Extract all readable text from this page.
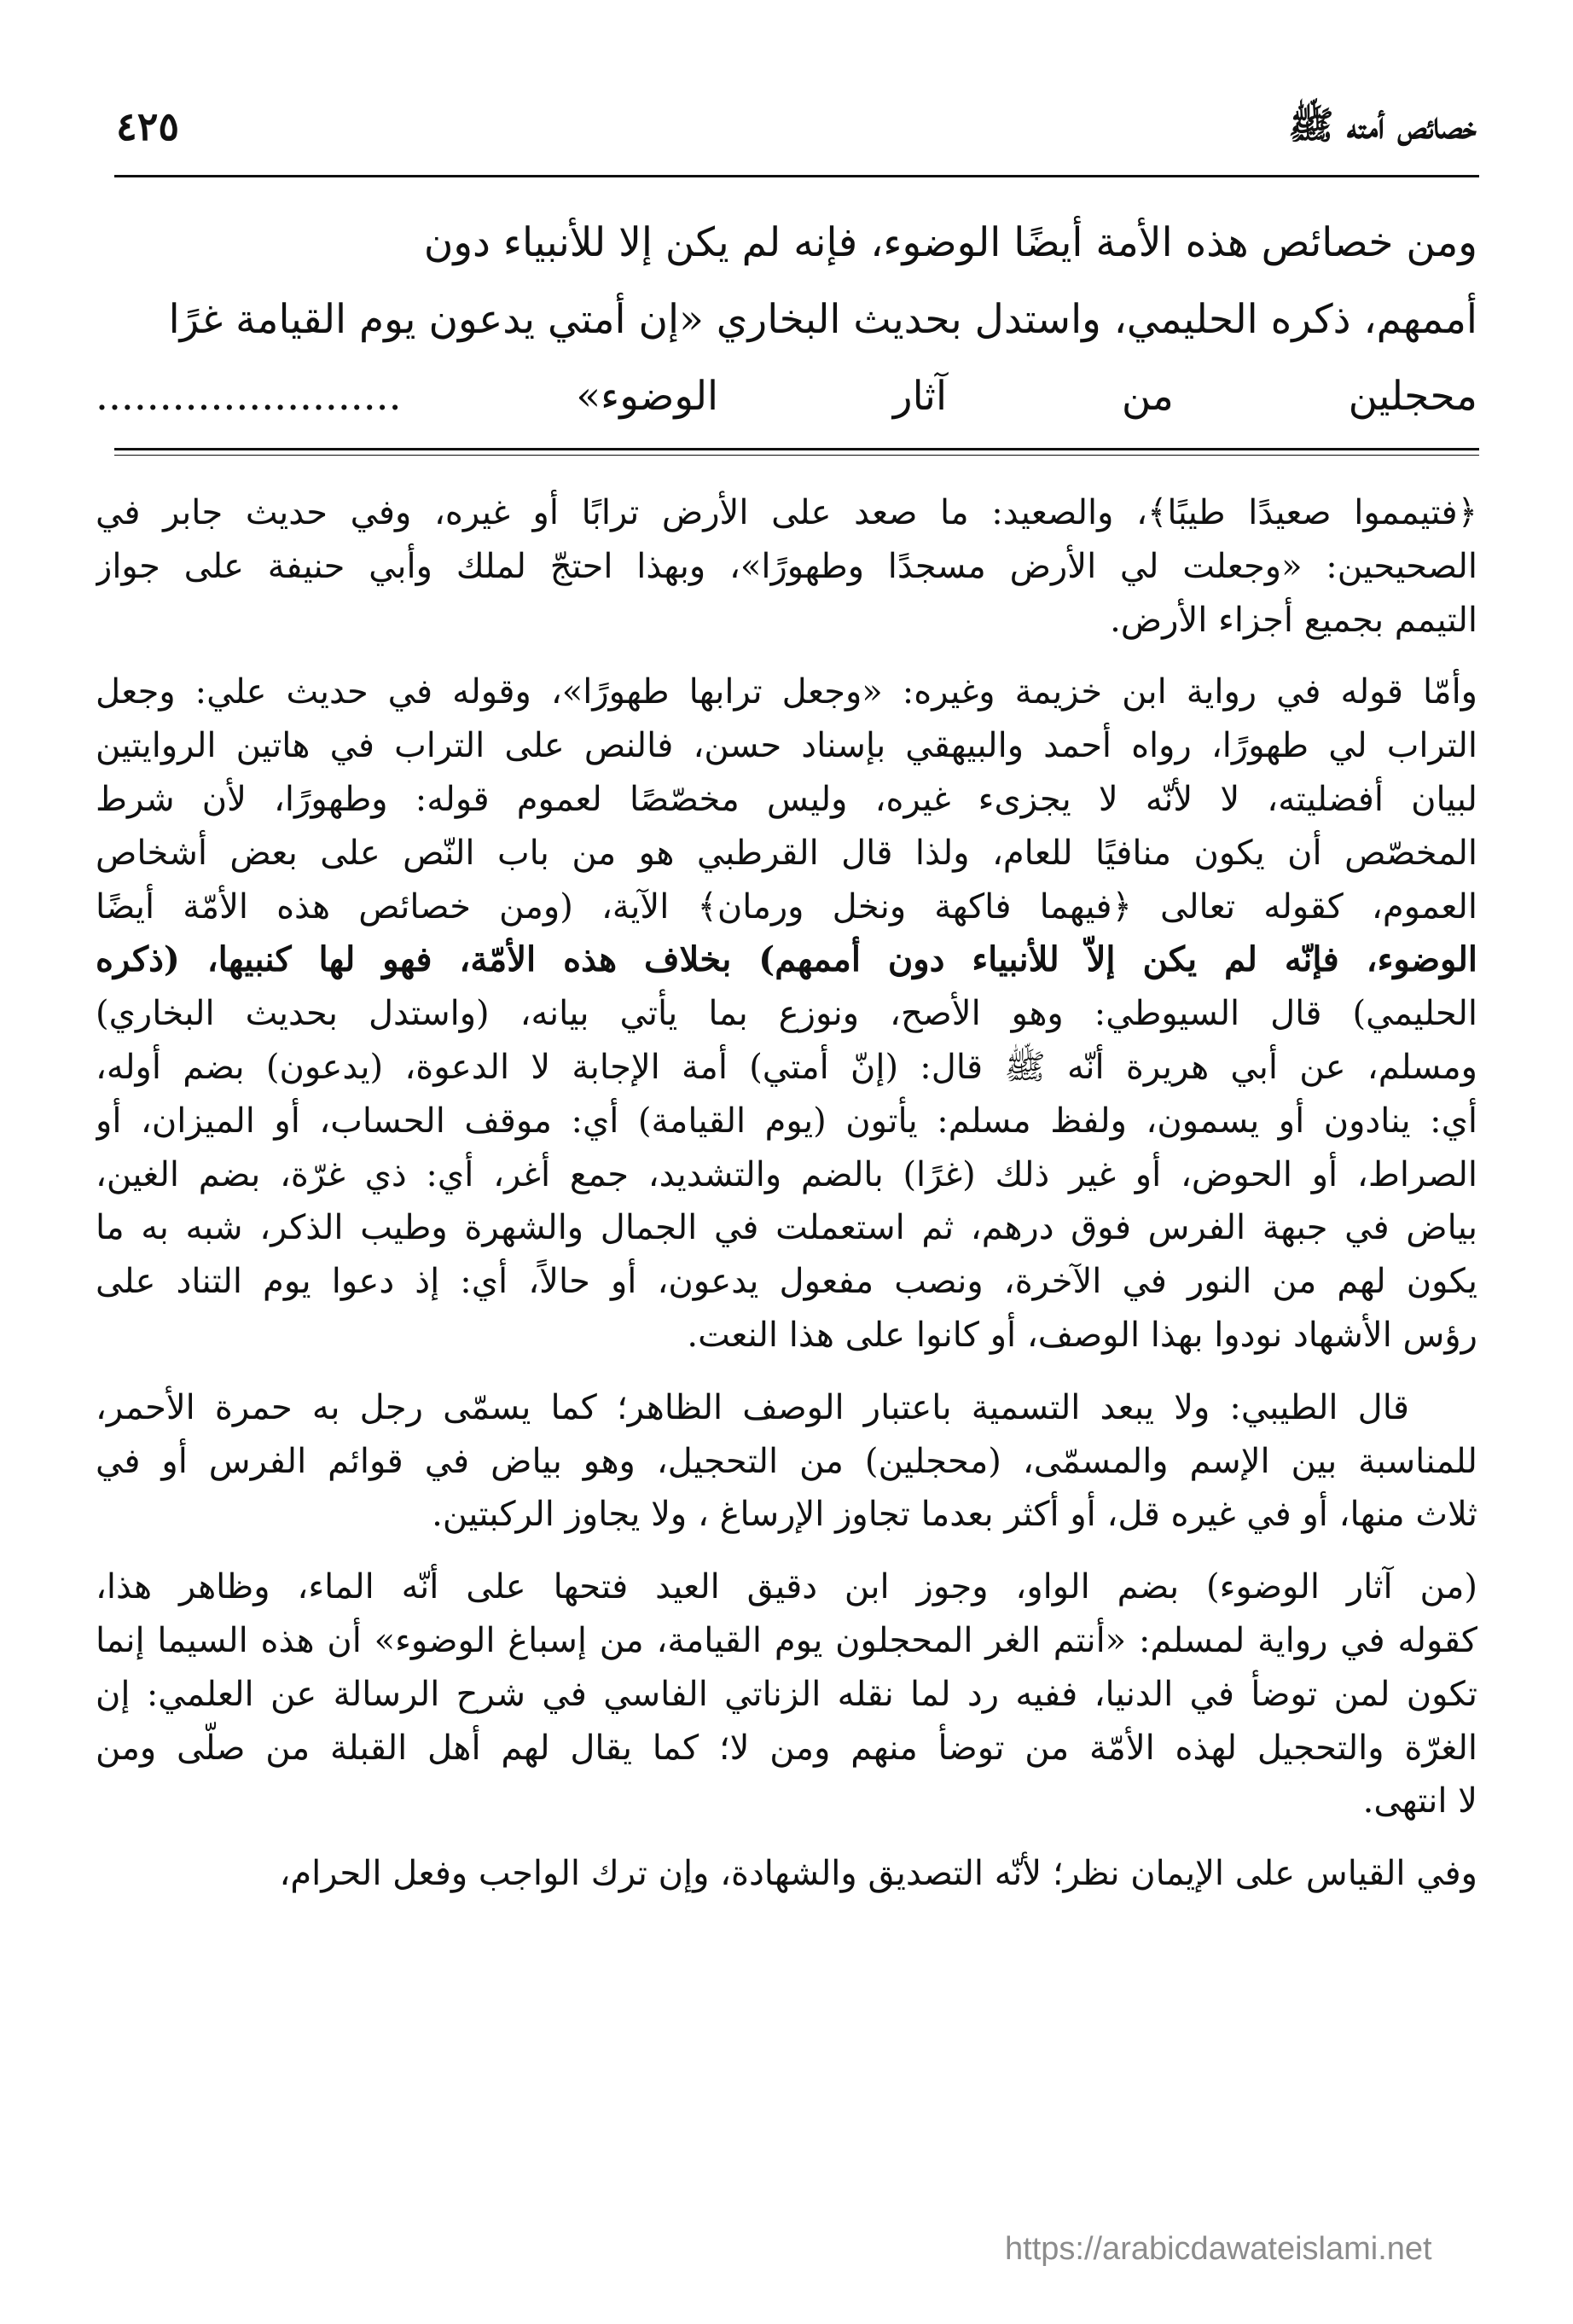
خصائص أمته ﷺ
٤٢٥
ومن خصائص هذه الأمة أيضًا الوضوء، فإنه لم يكن إلا للأنبياء دون
أممهم، ذكره الحليمي، واستدل بحديث البخاري «إن أمتي يدعون يوم القيامة غرًا
محجلين من آثار الوضوء» ........................

﴿فتيمموا صعيدًا طيبًا﴾، والصعيد: ما صعد على الأرض ترابًا أو غيره، وفي حديث جابر في
الصحيحين: «وجعلت لي الأرض مسجدًا وطهورًا»، وبهذا احتجّ لملك وأبي حنيفة على جواز
التيمم بجميع أجزاء الأرض.

وأمّا قوله في رواية ابن خزيمة وغيره: «وجعل ترابها طهورًا»، وقوله في حديث علي: وجعل
التراب لي طهورًا، رواه أحمد والبيهقي بإسناد حسن، فالنص على التراب في هاتين الروايتين
لبيان أفضليته، لا لأنّه لا يجزىء غيره، وليس مخصّصًا لعموم قوله: وطهورًا، لأن شرط
المخصّص أن يكون منافيًا للعام، ولذا قال القرطبي هو من باب النّص على بعض أشخاص
العموم، كقوله تعالى ﴿فيهما فاكهة ونخل ورمان﴾ الآية، (ومن خصائص هذه الأمّة أيضًا
الوضوء، فإنّه لم يكن إلاّ للأنبياء دون أممهم) بخلاف هذه الأمّة، فهو لها كنبيها، (ذكره
الحليمي) قال السيوطي: وهو الأصح، ونوزع بما يأتي بيانه، (واستدل بحديث البخاري)
ومسلم، عن أبي هريرة أنّه ﷺ قال: (إنّ أمتي) أمة الإجابة لا الدعوة، (يدعون) بضم أوله،
أي: ينادون أو يسمون، ولفظ مسلم: يأتون (يوم القيامة) أي: موقف الحساب، أو الميزان، أو
الصراط، أو الحوض، أو غير ذلك (غرًا) بالضم والتشديد، جمع أغر، أي: ذي غرّة، بضم الغين،
بياض في جبهة الفرس فوق درهم، ثم استعملت في الجمال والشهرة وطيب الذكر، شبه به ما
يكون لهم من النور في الآخرة، ونصب مفعول يدعون، أو حالاً، أي: إذ دعوا يوم التناد على
رؤس الأشهاد نودوا بهذا الوصف، أو كانوا على هذا النعت.

قال الطيبي: ولا يبعد التسمية باعتبار الوصف الظاهر؛ كما يسمّى رجل به حمرة الأحمر،
للمناسبة بين الإسم والمسمّى، (محجلين) من التحجيل، وهو بياض في قوائم الفرس أو في
ثلاث منها، أو في غيره قل، أو أكثر بعدما تجاوز الإرساغ ، ولا يجاوز الركبتين.

(من آثار الوضوء) بضم الواو، وجوز ابن دقيق العيد فتحها على أنّه الماء، وظاهر هذا،
كقوله في رواية لمسلم: «أنتم الغر المحجلون يوم القيامة، من إسباغ الوضوء» أن هذه السيما إنما
تكون لمن توضأ في الدنيا، ففيه رد لما نقله الزناتي الفاسي في شرح الرسالة عن العلمي: إن
الغرّة والتحجيل لهذه الأمّة من توضأ منهم ومن لا؛ كما يقال لهم أهل القبلة من صلّى ومن
لا انتهى.

وفي القياس على الإيمان نظر؛ لأنّه التصديق والشهادة، وإن ترك الواجب وفعل الحرام،

https://arabicdawateislami.net
